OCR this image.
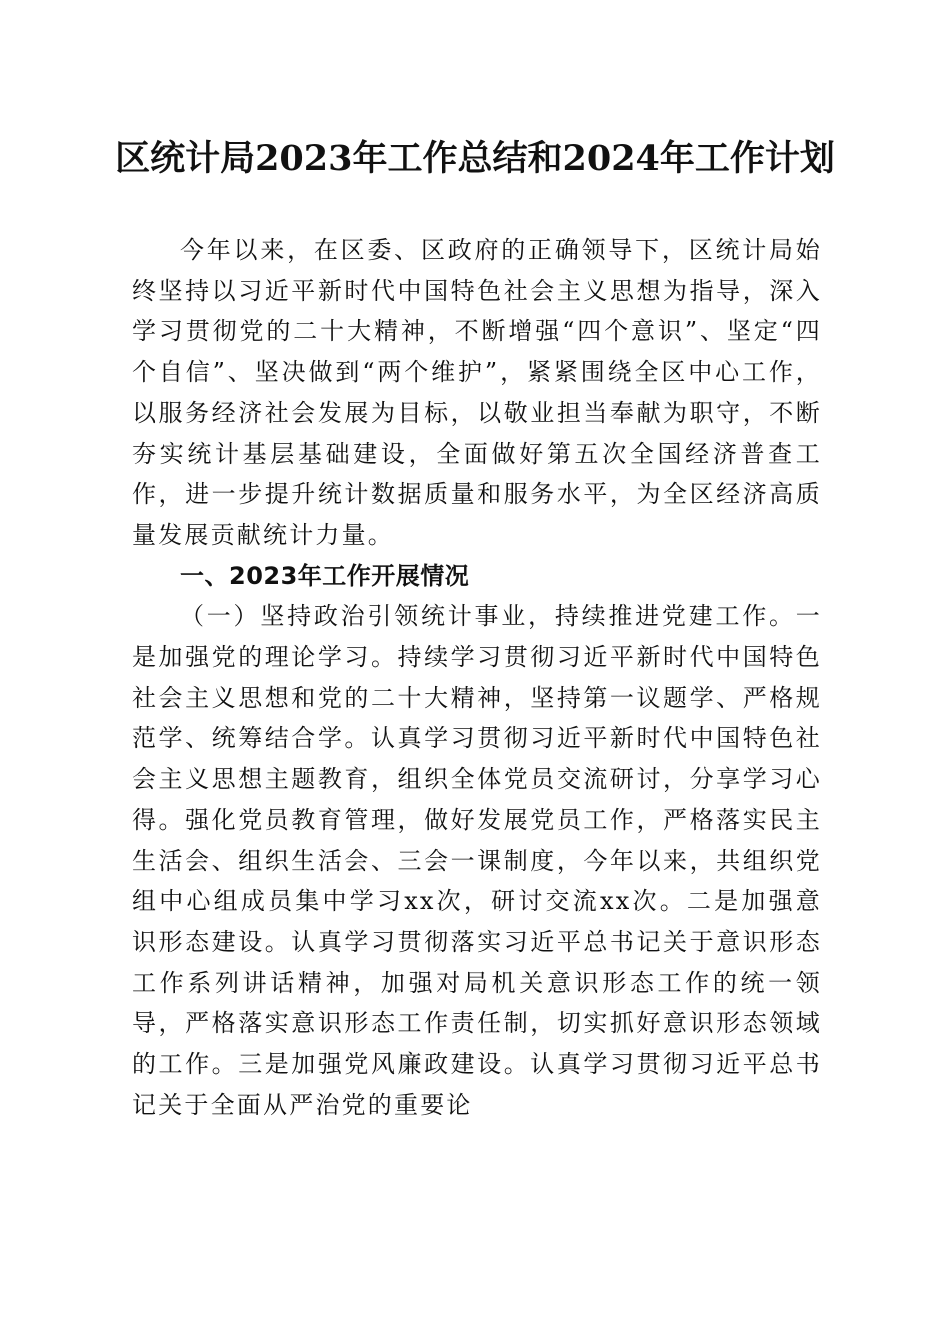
区统计局2023年工作总结和2024年工作计划

今年以来，在区委、区政府的正确领导下，区统计局始终坚持以习近平新时代中国特色社会主义思想为指导，深入学习贯彻党的二十大精神，不断增强“四个意识”、坚定“四个自信”、坚决做到“两个维护”，紧紧围绕全区中心工作，以服务经济社会发展为目标，以敬业担当奉献为职守，不断夯实统计基层基础建设，全面做好第五次全国经济普查工作，进一步提升统计数据质量和服务水平，为全区经济高质量发展贡献统计力量。

一、2023年工作开展情况

（一）坚持政治引领统计事业，持续推进党建工作。一是加强党的理论学习。持续学习贯彻习近平新时代中国特色社会主义思想和党的二十大精神，坚持第一议题学、严格规范学、统筹结合学。认真学习贯彻习近平新时代中国特色社会主义思想主题教育，组织全体党员交流研讨，分享学习心得。强化党员教育管理，做好发展党员工作，严格落实民主生活会、组织生活会、三会一课制度，今年以来，共组织党组中心组成员集中学习xx次，研讨交流xx次。二是加强意识形态建设。认真学习贯彻落实习近平总书记关于意识形态工作系列讲话精神，加强对局机关意识形态工作的统一领导，严格落实意识形态工作责任制，切实抓好意识形态领域的工作。三是加强党风廉政建设。认真学习贯彻习近平总书记关于全面从严治党的重要论
